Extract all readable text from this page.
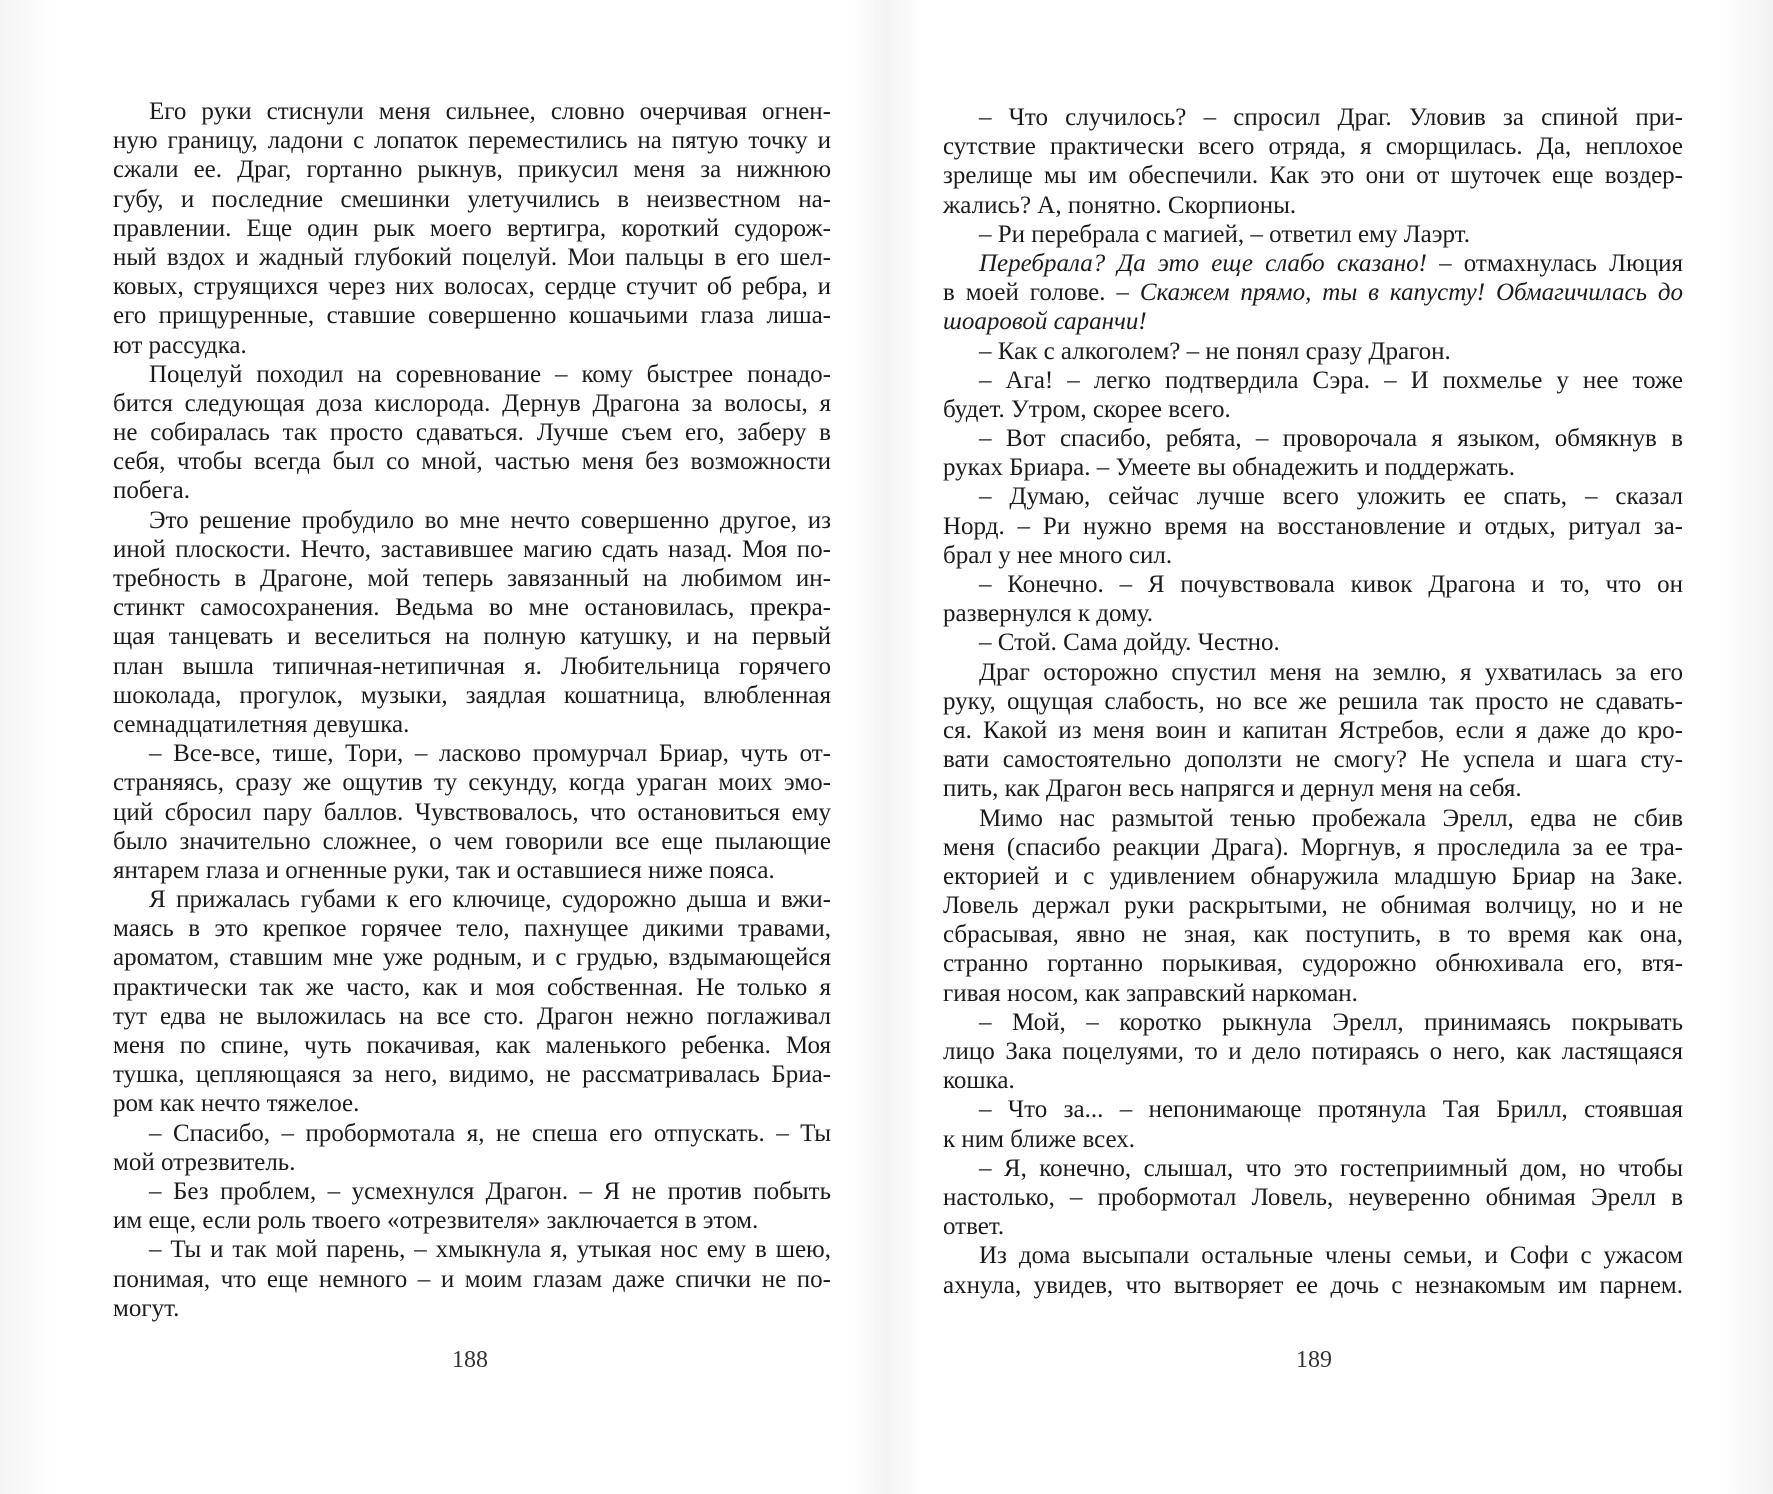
Его руки стиснули меня сильнее, словно очерчивая огнен-
ную границу, ладони с лопаток переместились на пятую точку и
сжали ее. Драг, гортанно рыкнув, прикусил меня за нижнюю
губу, и последние смешинки улетучились в неизвестном на-
правлении. Еще один рык моего вертигра, короткий судорож-
ный вздох и жадный глубокий поцелуй. Мои пальцы в его шел-
ковых, струящихся через них волосах, сердце стучит об ребра, и
его прищуренные, ставшие совершенно кошачьими глаза лиша-
ют рассудка.
Поцелуй походил на соревнование – кому быстрее понадо-
бится следующая доза кислорода. Дернув Драгона за волосы, я
не собиралась так просто сдаваться. Лучше съем его, заберу в
себя, чтобы всегда был со мной, частью меня без возможности
побега.
Это решение пробудило во мне нечто совершенно другое, из
иной плоскости. Нечто, заставившее магию сдать назад. Моя по-
требность в Драгоне, мой теперь завязанный на любимом ин-
стинкт самосохранения. Ведьма во мне остановилась, прекра-
щая танцевать и веселиться на полную катушку, и на первый
план вышла типичная-нетипичная я. Любительница горячего
шоколада, прогулок, музыки, заядлая кошатница, влюбленная
семнадцатилетняя девушка.
– Все-все, тише, Тори, – ласково промурчал Бриар, чуть от-
страняясь, сразу же ощутив ту секунду, когда ураган моих эмо-
ций сбросил пару баллов. Чувствовалось, что остановиться ему
было значительно сложнее, о чем говорили все еще пылающие
янтарем глаза и огненные руки, так и оставшиеся ниже пояса.
Я прижалась губами к его ключице, судорожно дыша и вжи-
маясь в это крепкое горячее тело, пахнущее дикими травами,
ароматом, ставшим мне уже родным, и с грудью, вздымающейся
практически так же часто, как и моя собственная. Не только я
тут едва не выложилась на все сто. Драгон нежно поглаживал
меня по спине, чуть покачивая, как маленького ребенка. Моя
тушка, цепляющаяся за него, видимо, не рассматривалась Бриа-
ром как нечто тяжелое.
– Спасибо, – пробормотала я, не спеша его отпускать. – Ты
мой отрезвитель.
– Без проблем, – усмехнулся Драгон. – Я не против побыть
им еще, если роль твоего «отрезвителя» заключается в этом.
– Ты и так мой парень, – хмыкнула я, утыкая нос ему в шею,
понимая, что еще немного – и моим глазам даже спички не по-
могут.
– Что случилось? – спросил Драг. Уловив за спиной при-
сутствие практически всего отряда, я сморщилась. Да, неплохое
зрелище мы им обеспечили. Как это они от шуточек еще воздер-
жались? А, понятно. Скорпионы.
– Ри перебрала с магией, – ответил ему Лаэрт.
Перебрала? Да это еще слабо сказано! – отмахнулась Люция
в моей голове. – Скажем прямо, ты в капусту! Обмагичилась до
шоаровой саранчи!
– Как с алкоголем? – не понял сразу Драгон.
– Ага! – легко подтвердила Сэра. – И похмелье у нее тоже
будет. Утром, скорее всего.
– Вот спасибо, ребята, – проворочала я языком, обмякнув в
руках Бриара. – Умеете вы обнадежить и поддержать.
– Думаю, сейчас лучше всего уложить ее спать, – сказал
Норд. – Ри нужно время на восстановление и отдых, ритуал за-
брал у нее много сил.
– Конечно. – Я почувствовала кивок Драгона и то, что он
развернулся к дому.
– Стой. Сама дойду. Честно.
Драг осторожно спустил меня на землю, я ухватилась за его
руку, ощущая слабость, но все же решила так просто не сдавать-
ся. Какой из меня воин и капитан Ястребов, если я даже до кро-
вати самостоятельно доползти не смогу? Не успела и шага сту-
пить, как Драгон весь напрягся и дернул меня на себя.
Мимо нас размытой тенью пробежала Эрелл, едва не сбив
меня (спасибо реакции Драга). Моргнув, я проследила за ее тра-
екторией и с удивлением обнаружила младшую Бриар на Заке.
Ловель держал руки раскрытыми, не обнимая волчицу, но и не
сбрасывая, явно не зная, как поступить, в то время как она,
странно гортанно порыкивая, судорожно обнюхивала его, втя-
гивая носом, как заправский наркоман.
– Мой, – коротко рыкнула Эрелл, принимаясь покрывать
лицо Зака поцелуями, то и дело потираясь о него, как ластящаяся
кошка.
– Что за... – непонимающе протянула Тая Брилл, стоявшая
к ним ближе всех.
– Я, конечно, слышал, что это гостеприимный дом, но чтобы
настолько, – пробормотал Ловель, неуверенно обнимая Эрелл в
ответ.
Из дома высыпали остальные члены семьи, и Софи с ужасом
ахнула, увидев, что вытворяет ее дочь с незнакомым им парнем.
188	189
